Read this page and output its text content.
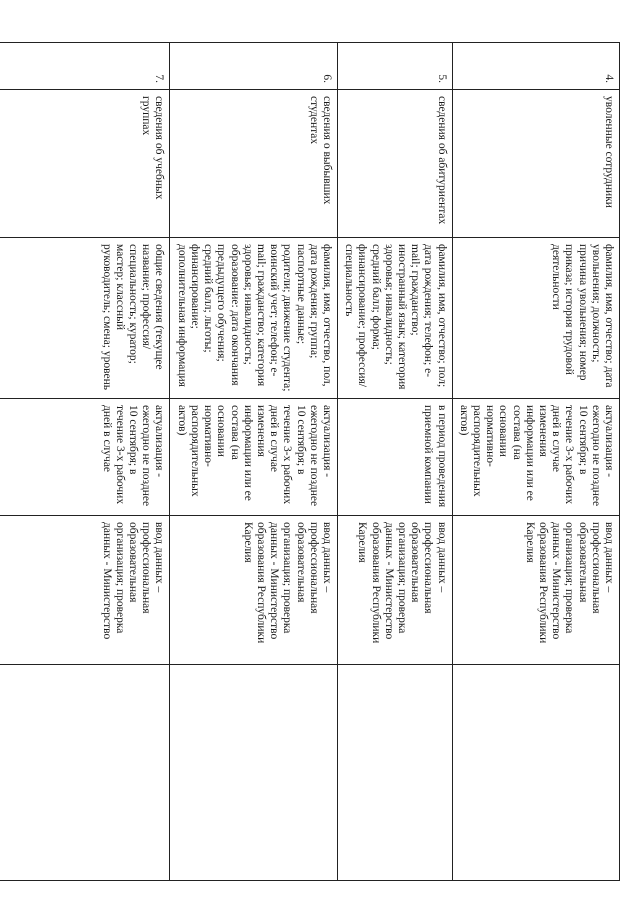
4.	уволенные сотрудники	фамилия, имя, отчество; дата увольнения; должность; причина увольнения; номер приказа; история трудовой деятельности	актуализация - ежегодно не позднее 10 сентября; в течение 3-х рабочих дней в случае изменения информации или ее состава (на основании нормативно-распорядительных актов)	ввод данных – профессиональная образовательная организация; проверка данных - Министерство образования Республики Карелия	
5.	сведения об абитуриентах	фамилия, имя, отчество; пол; дата рождения; телефон; e-mail; гражданство; иностранный язык; категория здоровья; инвалидность; средний балл; форма; финансирование; профессия/специальность	в период проведения приемной компании	ввод данных – профессиональная образовательная организация; проверка данных - Министерство образования Республики Карелия	
6.	сведения о выбывших студентах	фамилия, имя, отчество, пол, дата рождения; группа; паспортные данные; родители; движение студента; воинский учет; телефон; e-mail; гражданство; категория здоровья; инвалидность; образование: дата окончания предыдущего обучения; средний балл; льготы; финансирование; дополнительная информация	актуализация - ежегодно не позднее 10 сентября; в течение 3-х рабочих дней в случае изменения информации или ее состава (на основании нормативно-распорядительных актов)	ввод данных – профессиональная образовательная организация; проверка данных - Министерство образования Республики Карелия	
7.	сведения об учебных группах	общие сведения (текущее название; профессия/специальность; куратор; мастер; классный руководитель; смена; уровень	актуализация - ежегодно не позднее 10 сентября; в течение 3-х рабочих дней в случае	ввод данных – профессиональная образовательная организация; проверка данных - Министерство	
